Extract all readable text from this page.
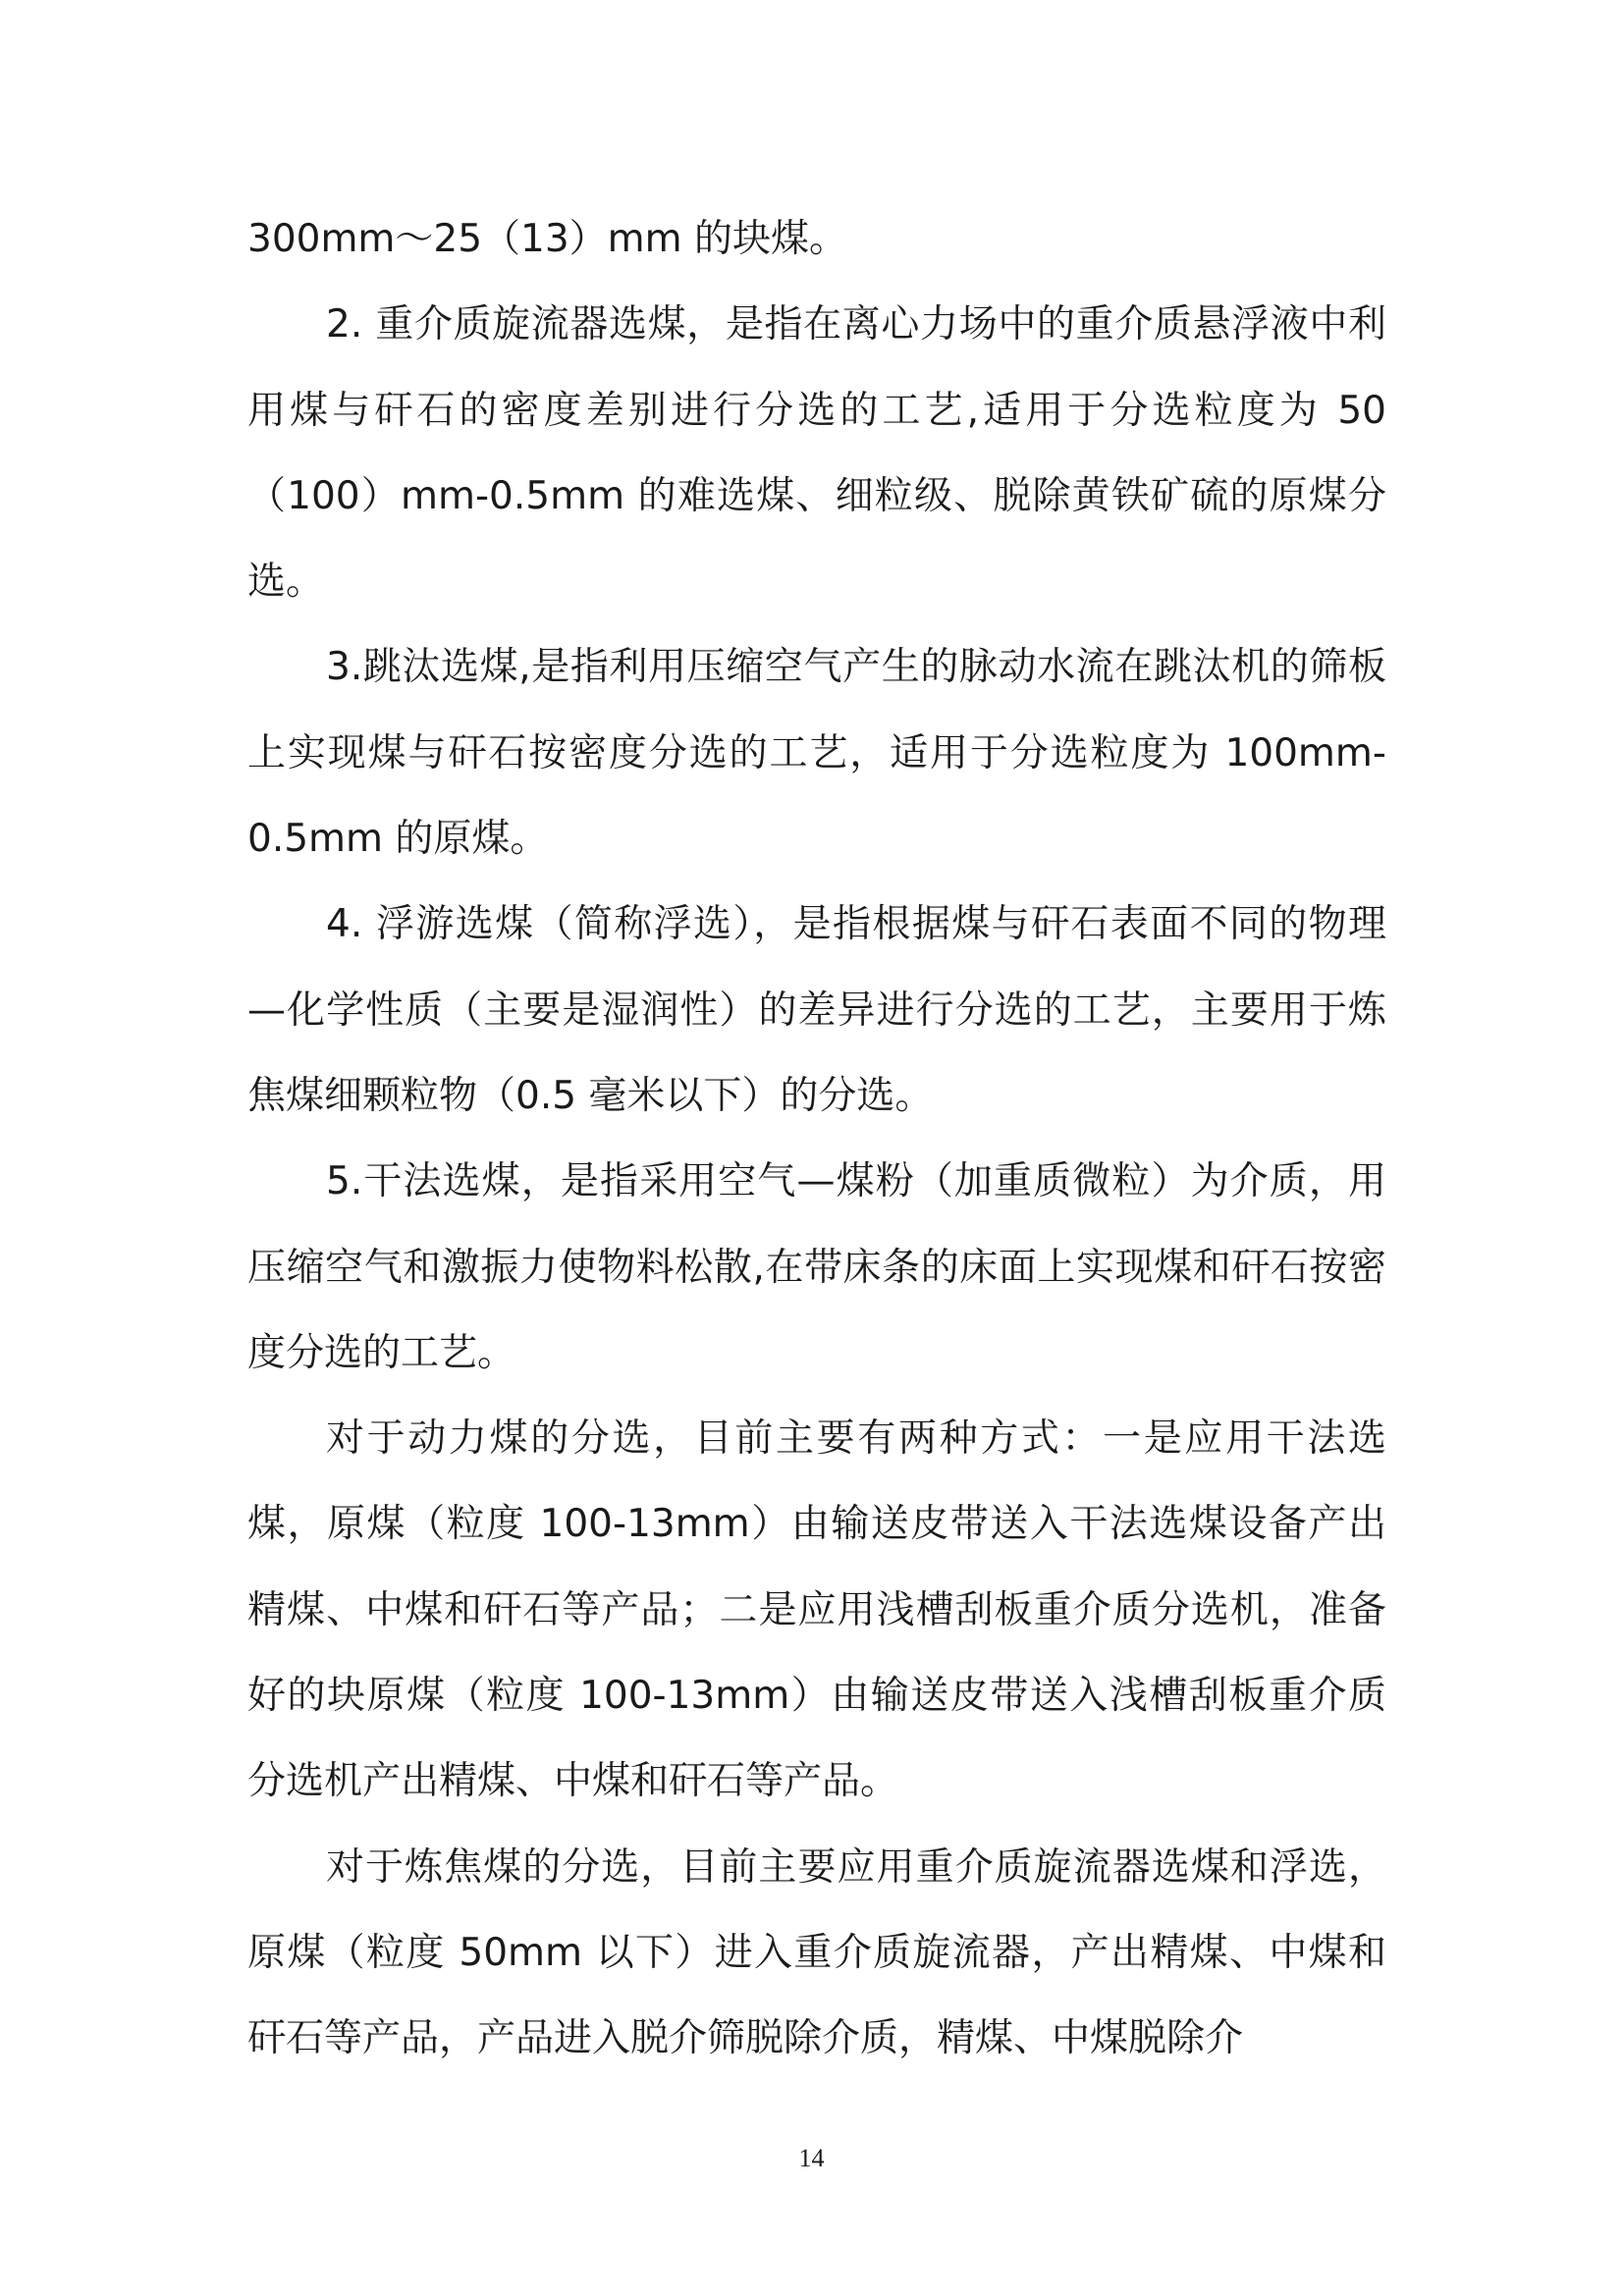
300mm～25（13）mm 的块煤。

2. 重介质旋流器选煤，是指在离心力场中的重介质悬浮液中利用煤与矸石的密度差别进行分选的工艺,适用于分选粒度为 50（100）mm-0.5mm 的难选煤、细粒级、脱除黄铁矿硫的原煤分选。

3.跳汰选煤,是指利用压缩空气产生的脉动水流在跳汰机的筛板上实现煤与矸石按密度分选的工艺，适用于分选粒度为 100mm-0.5mm 的原煤。

4. 浮游选煤（简称浮选），是指根据煤与矸石表面不同的物理—化学性质（主要是湿润性）的差异进行分选的工艺，主要用于炼焦煤细颗粒物（0.5 毫米以下）的分选。

5.干法选煤，是指采用空气—煤粉（加重质微粒）为介质，用压缩空气和激振力使物料松散,在带床条的床面上实现煤和矸石按密度分选的工艺。

对于动力煤的分选，目前主要有两种方式：一是应用干法选煤，原煤（粒度 100-13mm）由输送皮带送入干法选煤设备产出精煤、中煤和矸石等产品；二是应用浅槽刮板重介质分选机，准备好的块原煤（粒度 100-13mm）由输送皮带送入浅槽刮板重介质分选机产出精煤、中煤和矸石等产品。

对于炼焦煤的分选，目前主要应用重介质旋流器选煤和浮选，原煤（粒度 50mm 以下）进入重介质旋流器，产出精煤、中煤和矸石等产品，产品进入脱介筛脱除介质，精煤、中煤脱除介

14
